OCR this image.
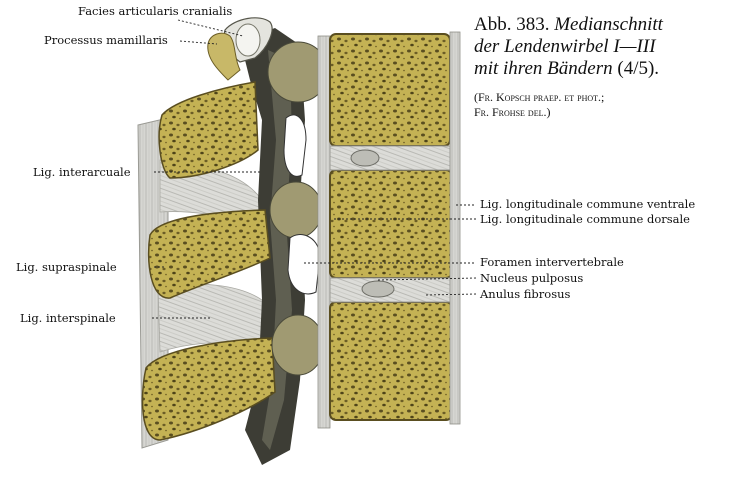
Facies articularis cranialis
Processus mamillaris
Lig. interarcuale
Lig. supraspinale
Lig. interspinale
Lig. longitudinale commune ventrale
Lig. longitudinale commune dorsale
Foramen intervertebrale
Nucleus pulposus
Anulus fibrosus
Abb. 383. Medianschnitt
der Lendenwirbel I—III
mit ihren Bändern (4/5).
(Fr. Kopsch praep. et phot.;
Fr. Frohse del.)
